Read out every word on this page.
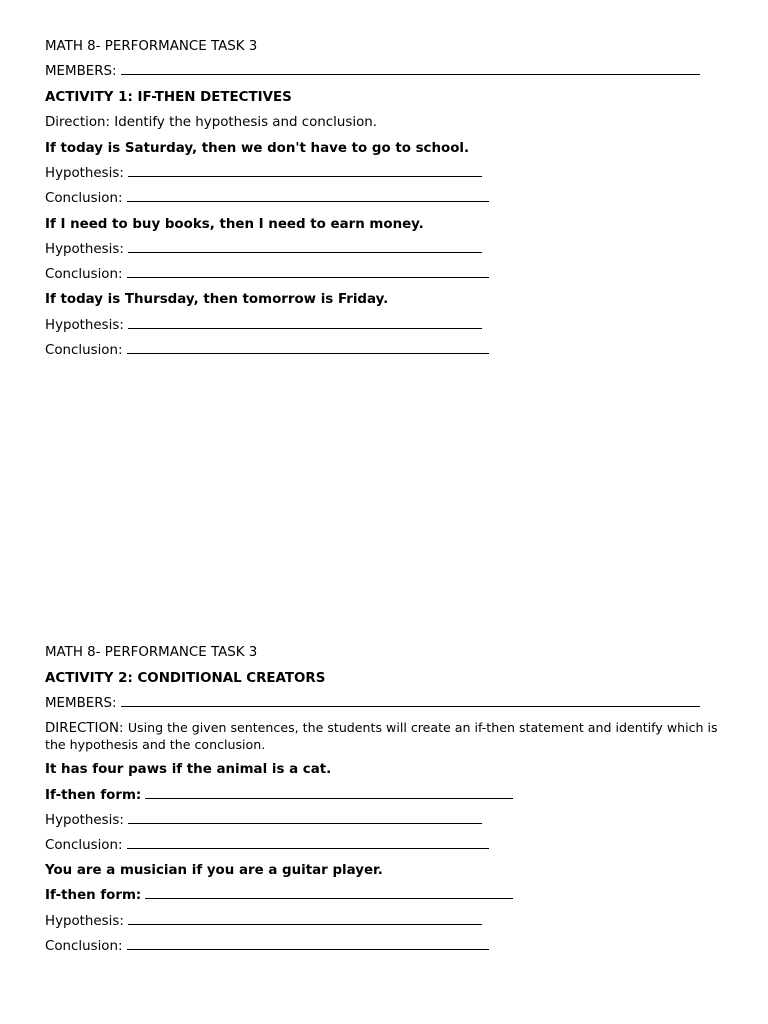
MATH 8- PERFORMANCE TASK 3

MEMBERS:

ACTIVITY 1: IF-THEN DETECTIVES

Direction: Identify the hypothesis and conclusion.

If today is Saturday, then we don't have to go to school.

Hypothesis:

Conclusion:

If I need to buy books, then I need to earn money.

Hypothesis:

Conclusion:

If today is Thursday, then tomorrow is Friday.

Hypothesis:

Conclusion:

MATH 8- PERFORMANCE TASK 3

ACTIVITY 2: CONDITIONAL CREATORS

MEMBERS:

DIRECTION: Using the given sentences, the students will create an if-then statement and identify which is the hypothesis and the conclusion.

It has four paws if the animal is a cat.

If-then form:

Hypothesis:

Conclusion:

You are a musician if you are a guitar player.

If-then form:

Hypothesis:

Conclusion:
